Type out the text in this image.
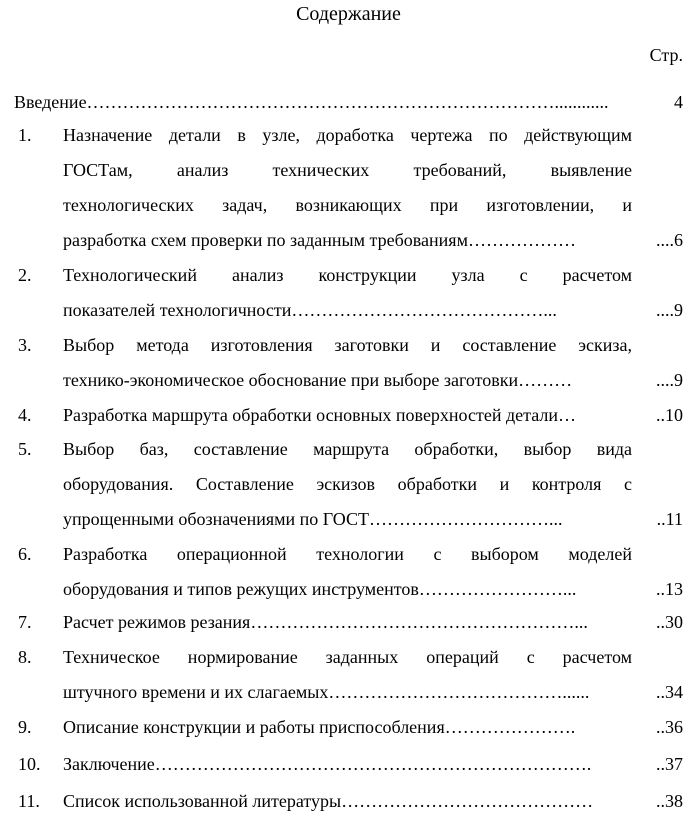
Содержание
Стр.
Введение……………………………………………………………………............	4
1. Назначение детали в узле, доработка чертежа по действующим
ГОСТам, анализ технических требований, выявление
технологических задач, возникающих при изготовлении, и
разработка схем проверки по заданным требованиям………………	....6
2. Технологический анализ конструкции узла с расчетом
показателей технологичности……………………………………...	....9
3. Выбор метода изготовления заготовки и составление эскиза,
технико-экономическое обоснование при выборе заготовки………	....9
4. Разработка маршрута обработки основных поверхностей детали…	..10
5. Выбор баз, составление маршрута обработки, выбор вида
оборудования. Составление эскизов обработки и контроля с
упрощенными обозначениями по ГОСТ…………………………...	..11
6. Разработка операционной технологии с выбором моделей
оборудования и типов режущих инструментов……………………...	..13
7. Расчет режимов резания………………………………………………...	..30
8. Техническое нормирование заданных операций с расчетом
штучного времени и их слагаемых…………………………………......	..34
9. Описание конструкции и работы приспособления………………….	..36
10. Заключение……………………………………………………………….	..37
11. Список использованной литературы……………………………………	..38
